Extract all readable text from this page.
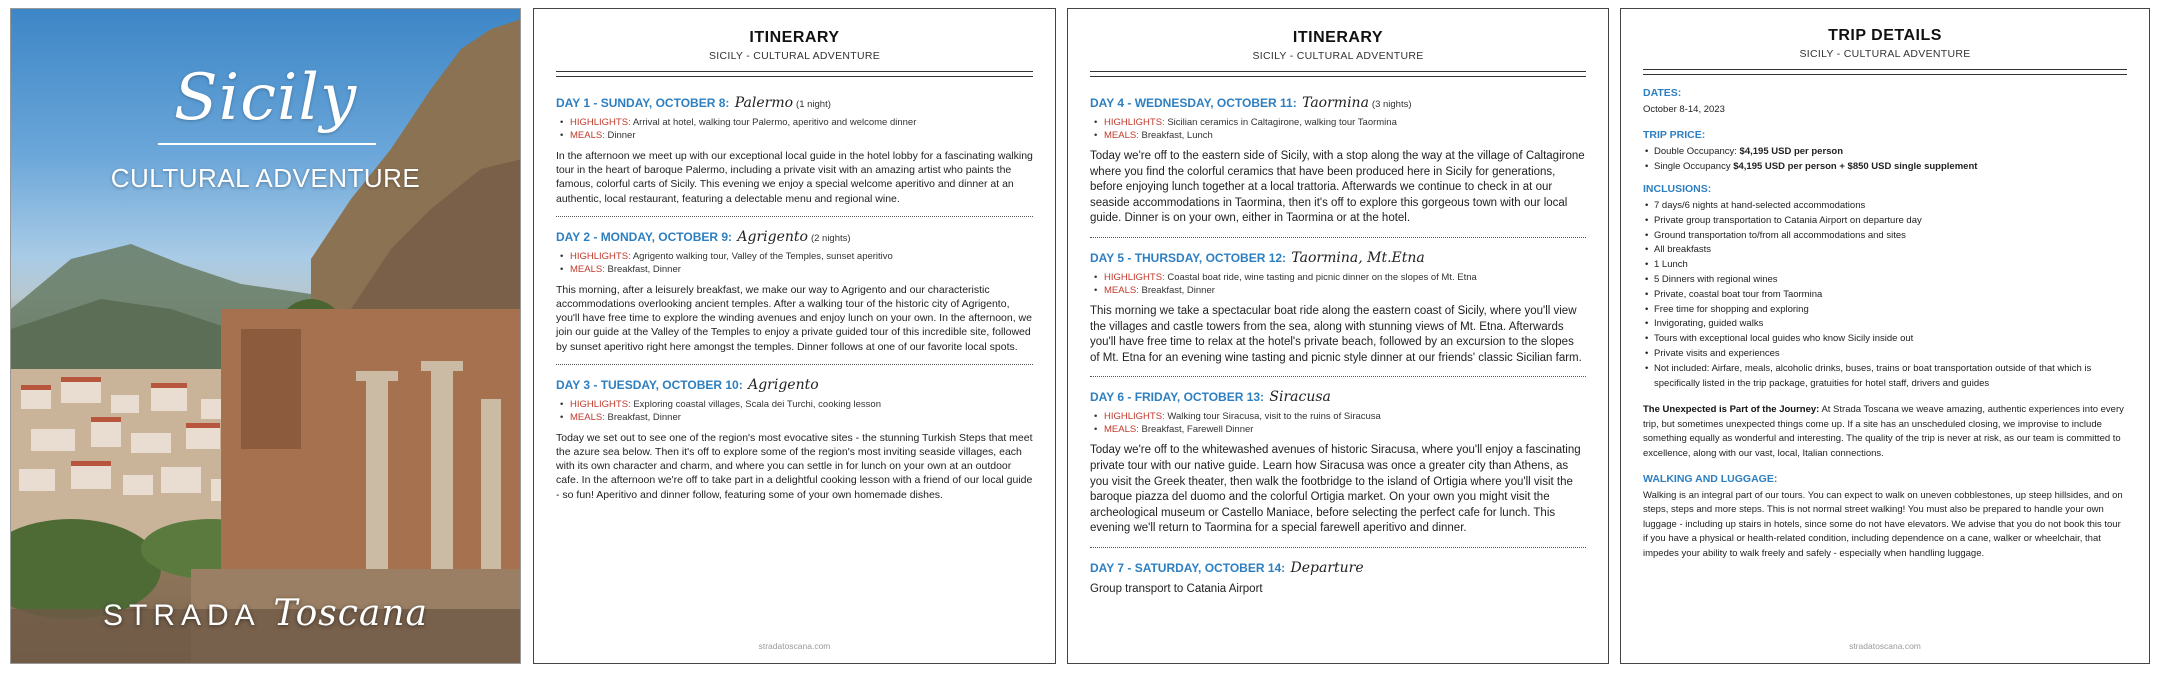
Sicily
CULTURAL ADVENTURE
STRADA Toscana
ITINERARY
SICILY - CULTURAL ADVENTURE
DAY 1 - SUNDAY, OCTOBER 8: Palermo (1 night)
• HIGHLIGHTS: Arrival at hotel, walking tour Palermo, aperitivo and welcome dinner
• MEALS: Dinner

In the afternoon we meet up with our exceptional local guide in the hotel lobby for a fascinating walking tour in the heart of baroque Palermo, including a private visit with an amazing artist who paints the famous, colorful carts of Sicily. This evening we enjoy a special welcome aperitivo and dinner at an authentic, local restaurant, featuring a delectable menu and regional wine.

DAY 2 - MONDAY, OCTOBER 9: Agrigento (2 nights)
• HIGHLIGHTS: Agrigento walking tour, Valley of the Temples, sunset aperitivo
• MEALS: Breakfast, Dinner

This morning, after a leisurely breakfast, we make our way to Agrigento and our characteristic accommodations overlooking ancient temples. After a walking tour of the historic city of Agrigento, you'll have free time to explore the winding avenues and enjoy lunch on your own. In the afternoon, we join our guide at the Valley of the Temples to enjoy a private guided tour of this incredible site, followed by sunset aperitivo right here amongst the temples. Dinner follows at one of our favorite local spots.

DAY 3 - TUESDAY, OCTOBER 10: Agrigento
• HIGHLIGHTS: Exploring coastal villages, Scala dei Turchi, cooking lesson
• MEALS: Breakfast, Dinner

Today we set out to see one of the region's most evocative sites - the stunning Turkish Steps that meet the azure sea below. Then it's off to explore some of the region's most inviting seaside villages, each with its own character and charm, and where you can settle in for lunch on your own at an outdoor cafe. In the afternoon we're off to take part in a delightful cooking lesson with a friend of our local guide - so fun! Aperitivo and dinner follow, featuring some of your own homemade dishes.

stradatoscana.com
ITINERARY
SICILY - CULTURAL ADVENTURE
DAY 4 - WEDNESDAY, OCTOBER 11: Taormina (3 nights)
• HIGHLIGHTS: Sicilian ceramics in Caltagirone, walking tour Taormina
• MEALS: Breakfast, Lunch

Today we're off to the eastern side of Sicily, with a stop along the way at the village of Caltagirone where you find the colorful ceramics that have been produced here in Sicily for generations, before enjoying lunch together at a local trattoria. Afterwards we continue to check in at our seaside accommodations in Taormina, then it's off to explore this gorgeous town with our local guide. Dinner is on your own, either in Taormina or at the hotel.

DAY 5 - THURSDAY, OCTOBER 12: Taormina, Mt.Etna
• HIGHLIGHTS: Coastal boat ride, wine tasting and picnic dinner on the slopes of Mt. Etna
• MEALS: Breakfast, Dinner

This morning we take a spectacular boat ride along the eastern coast of Sicily, where you'll view the villages and castle towers from the sea, along with stunning views of Mt. Etna. Afterwards you'll have free time to relax at the hotel's private beach, followed by an excursion to the slopes of Mt. Etna for an evening wine tasting and picnic style dinner at our friends' classic Sicilian farm.

DAY 6 - FRIDAY, OCTOBER 13: Siracusa
• HIGHLIGHTS: Walking tour Siracusa, visit to the ruins of Siracusa
• MEALS: Breakfast, Farewell Dinner

Today we're off to the whitewashed avenues of historic Siracusa, where you'll enjoy a fascinating private tour with our native guide. Learn how Siracusa was once a greater city than Athens, as you visit the Greek theater, then walk the footbridge to the island of Ortigia where you'll visit the baroque piazza del duomo and the colorful Ortigia market. On your own you might visit the archeological museum or Castello Maniace, before selecting the perfect cafe for lunch. This evening we'll return to Taormina for a special farewell aperitivo and dinner.

DAY 7 - SATURDAY, OCTOBER 14: Departure

Group transport to Catania Airport

TRIP DETAILS
SICILY - CULTURAL ADVENTURE
DATES:
October 8-14, 2023
TRIP PRICE:
• Double Occupancy: $4,195 USD per person
• Single Occupancy $4,195 USD per person + $850 USD single supplement
INCLUSIONS:
• 7 days/6 nights at hand-selected accommodations
• Private group transportation to Catania Airport on departure day
• Ground transportation to/from all accommodations and sites
• All breakfasts
• 1 Lunch
• 5 Dinners with regional wines
• Private, coastal boat tour from Taormina
• Free time for shopping and exploring
• Invigorating, guided walks
• Tours with exceptional local guides who know Sicily inside out
• Private visits and experiences
• Not included: Airfare, meals, alcoholic drinks, buses, trains or boat transportation outside of that which is specifically listed in the trip package, gratuities for hotel staff, drivers and guides

The Unexpected is Part of the Journey: At Strada Toscana we weave amazing, authentic experiences into every trip, but sometimes unexpected things come up. If a site has an unscheduled closing, we improvise to include something equally as wonderful and interesting. The quality of the trip is never at risk, as our team is committed to excellence, along with our vast, local, Italian connections.

WALKING AND LUGGAGE:

Walking is an integral part of our tours. You can expect to walk on uneven cobblestones, up steep hillsides, and on steps, steps and more steps. This is not normal street walking! You must also be prepared to handle your own luggage - including up stairs in hotels, since some do not have elevators. We advise that you do not book this tour if you have a physical or health-related condition, including dependence on a cane, walker or wheelchair, that impedes your ability to walk freely and safely - especially when handling luggage.

stradatoscana.com
